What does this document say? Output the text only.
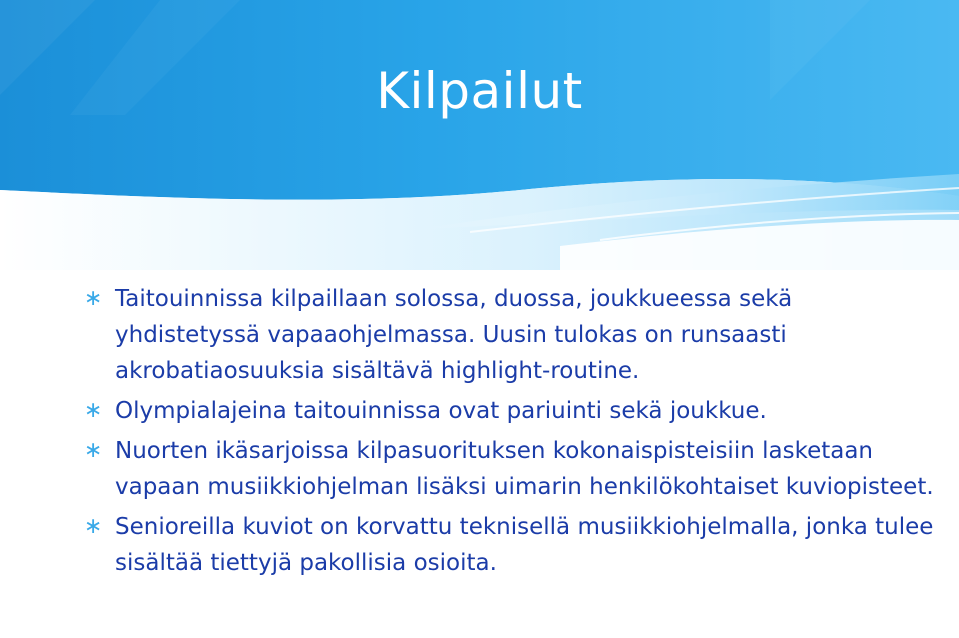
Kilpailut
∗ Taitouinnissa kilpaillaan solossa, duossa, joukkueessa sekä yhdistetyssä vapaaohjelmassa. Uusin tulokas on runsaasti akrobatiaosuuksia sisältävä highlight-routine.
∗ Olympialajeina taitouinnissa ovat pariuinti sekä joukkue.
∗ Nuorten ikäsarjoissa kilpasuorituksen kokonaispisteisiin lasketaan vapaan musiikkiohjelman lisäksi uimarin henkilökohtaiset kuviopisteet.
∗ Senioreilla kuviot on korvattu teknisellä musiikkiohjelmalla, jonka tulee sisältää tiettyjä pakollisia osioita.
